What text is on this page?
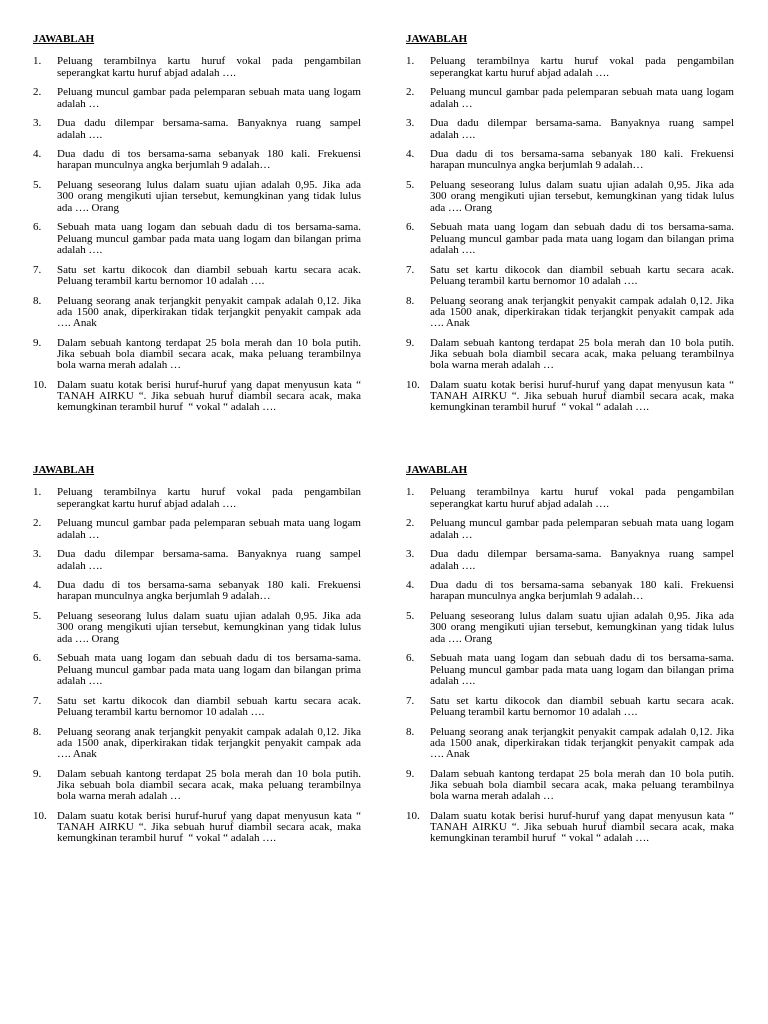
JAWABLAH
1.	Peluang terambilnya kartu huruf vokal pada pengambilan
seperangkat kartu huruf abjad adalah ….
2.	Peluang muncul gambar pada pelemparan sebuah mata uang logam
adalah …
3.	Dua dadu dilempar bersama-sama. Banyaknya ruang sampel
adalah ….
4.	Dua dadu di tos bersama-sama sebanyak 180 kali. Frekuensi
harapan munculnya angka berjumlah 9 adalah…
5.	Peluang seseorang lulus dalam suatu ujian adalah 0,95. Jika ada
300 orang mengikuti ujian tersebut, kemungkinan yang tidak lulus
ada …. Orang
6.	Sebuah mata uang logam dan sebuah dadu di tos bersama-sama.
Peluang muncul gambar pada mata uang logam dan bilangan prima
adalah ….
7.	Satu set kartu dikocok dan diambil sebuah kartu secara acak.
Peluang terambil kartu bernomor 10 adalah ….
8.	Peluang seorang anak terjangkit penyakit campak adalah 0,12. Jika
ada 1500 anak, diperkirakan tidak terjangkit penyakit campak ada
…. Anak
9.	Dalam sebuah kantong terdapat 25 bola merah dan 10 bola putih.
Jika sebuah bola diambil secara acak, maka peluang terambilnya
bola warna merah adalah …
10. Dalam suatu kotak berisi huruf-huruf yang dapat menyusun kata “
TANAH AIRKU “. Jika sebuah huruf diambil secara acak, maka
kemungkinan terambil huruf  “ vokal “ adalah ….
JAWABLAH
1.	Peluang terambilnya kartu huruf vokal pada pengambilan
seperangkat kartu huruf abjad adalah ….
2.	Peluang muncul gambar pada pelemparan sebuah mata uang logam
adalah …
3.	Dua dadu dilempar bersama-sama. Banyaknya ruang sampel
adalah ….
4.	Dua dadu di tos bersama-sama sebanyak 180 kali. Frekuensi
harapan munculnya angka berjumlah 9 adalah…
5.	Peluang seseorang lulus dalam suatu ujian adalah 0,95. Jika ada
300 orang mengikuti ujian tersebut, kemungkinan yang tidak lulus
ada …. Orang
6.	Sebuah mata uang logam dan sebuah dadu di tos bersama-sama.
Peluang muncul gambar pada mata uang logam dan bilangan prima
adalah ….
7.	Satu set kartu dikocok dan diambil sebuah kartu secara acak.
Peluang terambil kartu bernomor 10 adalah ….
8.	Peluang seorang anak terjangkit penyakit campak adalah 0,12. Jika
ada 1500 anak, diperkirakan tidak terjangkit penyakit campak ada
…. Anak
9.	Dalam sebuah kantong terdapat 25 bola merah dan 10 bola putih.
Jika sebuah bola diambil secara acak, maka peluang terambilnya
bola warna merah adalah …
10. Dalam suatu kotak berisi huruf-huruf yang dapat menyusun kata “
TANAH AIRKU “. Jika sebuah huruf diambil secara acak, maka
kemungkinan terambil huruf  “ vokal “ adalah ….
JAWABLAH
1.	Peluang terambilnya kartu huruf vokal pada pengambilan
seperangkat kartu huruf abjad adalah ….
2.	Peluang muncul gambar pada pelemparan sebuah mata uang logam
adalah …
3.	Dua dadu dilempar bersama-sama. Banyaknya ruang sampel
adalah ….
4.	Dua dadu di tos bersama-sama sebanyak 180 kali. Frekuensi
harapan munculnya angka berjumlah 9 adalah…
5.	Peluang seseorang lulus dalam suatu ujian adalah 0,95. Jika ada
300 orang mengikuti ujian tersebut, kemungkinan yang tidak lulus
ada …. Orang
6.	Sebuah mata uang logam dan sebuah dadu di tos bersama-sama.
Peluang muncul gambar pada mata uang logam dan bilangan prima
adalah ….
7.	Satu set kartu dikocok dan diambil sebuah kartu secara acak.
Peluang terambil kartu bernomor 10 adalah ….
8.	Peluang seorang anak terjangkit penyakit campak adalah 0,12. Jika
ada 1500 anak, diperkirakan tidak terjangkit penyakit campak ada
…. Anak
9.	Dalam sebuah kantong terdapat 25 bola merah dan 10 bola putih.
Jika sebuah bola diambil secara acak, maka peluang terambilnya
bola warna merah adalah …
10. Dalam suatu kotak berisi huruf-huruf yang dapat menyusun kata “
TANAH AIRKU “. Jika sebuah huruf diambil secara acak, maka
kemungkinan terambil huruf  “ vokal “ adalah ….
JAWABLAH
1.	Peluang terambilnya kartu huruf vokal pada pengambilan
seperangkat kartu huruf abjad adalah ….
2.	Peluang muncul gambar pada pelemparan sebuah mata uang logam
adalah …
3.	Dua dadu dilempar bersama-sama. Banyaknya ruang sampel
adalah ….
4.	Dua dadu di tos bersama-sama sebanyak 180 kali. Frekuensi
harapan munculnya angka berjumlah 9 adalah…
5.	Peluang seseorang lulus dalam suatu ujian adalah 0,95. Jika ada
300 orang mengikuti ujian tersebut, kemungkinan yang tidak lulus
ada …. Orang
6.	Sebuah mata uang logam dan sebuah dadu di tos bersama-sama.
Peluang muncul gambar pada mata uang logam dan bilangan prima
adalah ….
7.	Satu set kartu dikocok dan diambil sebuah kartu secara acak.
Peluang terambil kartu bernomor 10 adalah ….
8.	Peluang seorang anak terjangkit penyakit campak adalah 0,12. Jika
ada 1500 anak, diperkirakan tidak terjangkit penyakit campak ada
…. Anak
9.	Dalam sebuah kantong terdapat 25 bola merah dan 10 bola putih.
Jika sebuah bola diambil secara acak, maka peluang terambilnya
bola warna merah adalah …
10. Dalam suatu kotak berisi huruf-huruf yang dapat menyusun kata “
TANAH AIRKU “. Jika sebuah huruf diambil secara acak, maka
kemungkinan terambil huruf  “ vokal “ adalah ….
